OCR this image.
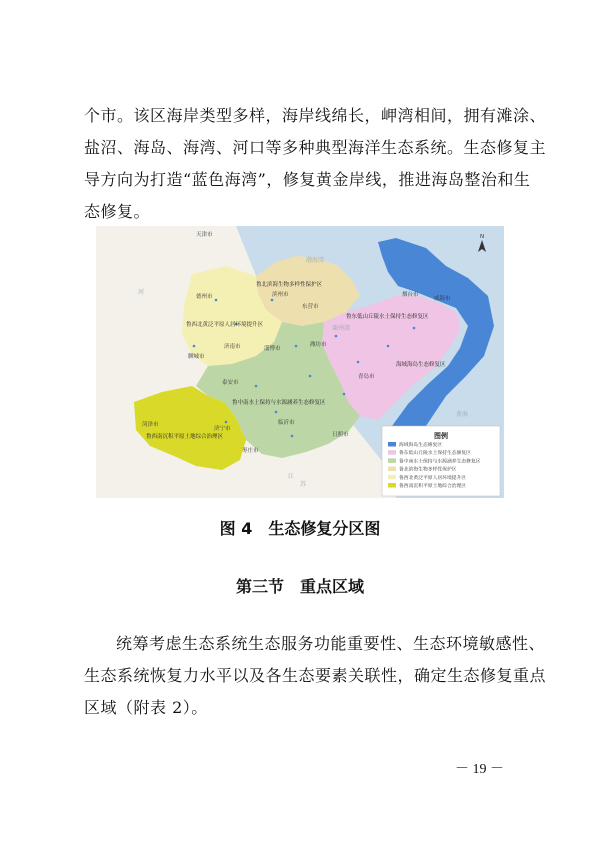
个市。该区海岸类型多样，海岸线绵长，岬湾相间，拥有滩涂、
盐沼、海岛、海湾、河口等多种典型海洋生态系统。生态修复主
导方向为打造“蓝色海湾”，修复黄金岸线，推进海岛整治和生
态修复。
渤海湾
莱州湾
黄海
河
江
苏
天津市
德州市	滨州市
东营市
烟台市
威海市
聊城市
济南市	淄博市
潍坊市
青岛市
泰安市
菏泽市
济宁市
临沂市
日照市
枣庄市
鲁北滨海生物多样性保护区
鲁东低山丘陵水土保持生态修复区
鲁西北黄泛平原人居环境提升区
鲁中南水土保持与水源涵养生态修复区
海域海岛生态修复区
鲁西南沉积平原土地综合治理区
N
图例
海域海岛生态修复区
鲁东低山丘陵水土保持生态修复区
鲁中南水土保持与水源涵养生态修复区
鲁北滨海生物多样性保护区
鲁西北黄泛平原人居环境提升区
鲁西南沉积平原土地综合治理区
图 4　生态修复分区图
第三节　重点区域
统筹考虑生态系统生态服务功能重要性、生态环境敏感性、
生态系统恢复力水平以及各生态要素关联性，确定生态修复重点
区域（附表 2）。
－ 19 －
